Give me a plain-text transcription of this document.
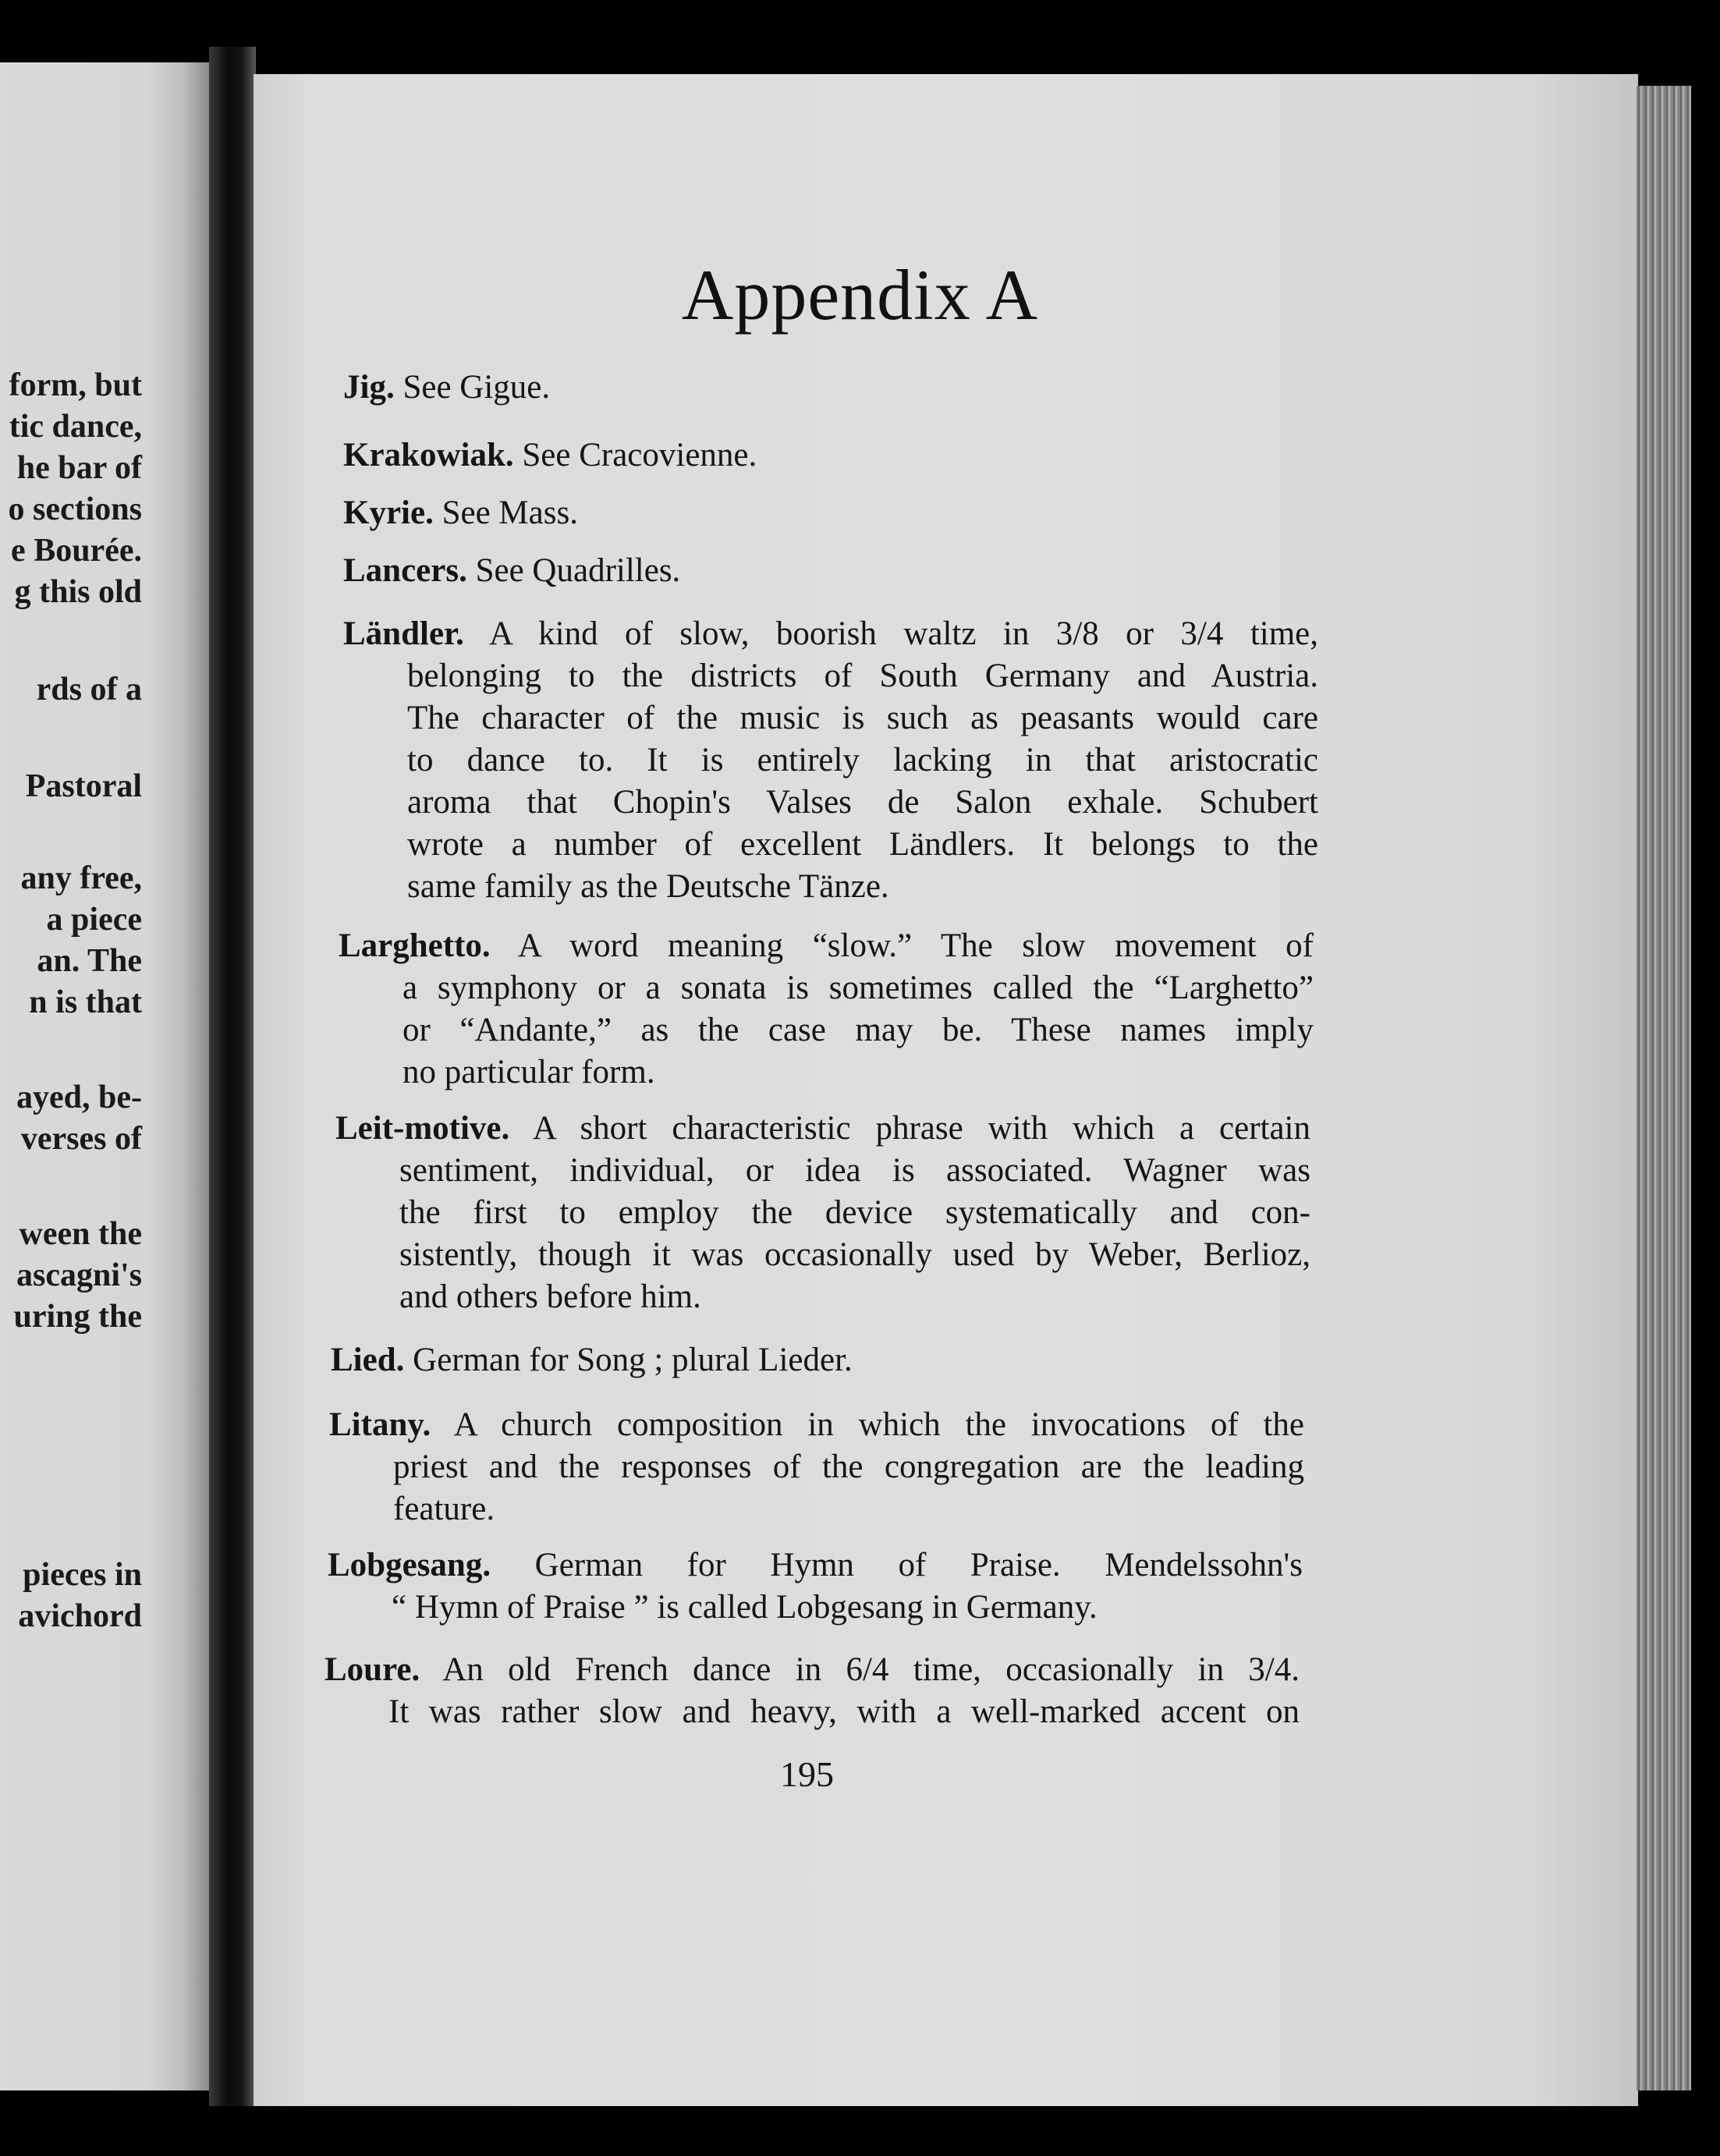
form, but
tic dance,
he bar of
o sections
e Bourée.
g this old
rds of a
Pastoral
any free,
a piece
an. The
n is that
ayed, be-
verses of
ween the
ascagni's
uring the
pieces in
avichord
Appendix A
Jig. See Gigue.
Krakowiak. See Cracovienne.
Kyrie. See Mass.
Lancers. See Quadrilles.
Ländler. A kind of slow, boorish waltz in 3/8 or 3/4 time,
belonging to the districts of South Germany and Austria.
The character of the music is such as peasants would care
to dance to. It is entirely lacking in that aristocratic
aroma that Chopin's Valses de Salon exhale. Schubert
wrote a number of excellent Ländlers. It belongs to the
same family as the Deutsche Tänze.
Larghetto. A word meaning “slow.” The slow movement of
a symphony or a sonata is sometimes called the “Larghetto”
or “Andante,” as the case may be. These names imply
no particular form.
Leit-motive. A short characteristic phrase with which a certain
sentiment, individual, or idea is associated. Wagner was
the first to employ the device systematically and con-
sistently, though it was occasionally used by Weber, Berlioz,
and others before him.
Lied. German for Song ; plural Lieder.
Litany. A church composition in which the invocations of the
priest and the responses of the congregation are the leading
feature.
Lobgesang. German for Hymn of Praise. Mendelssohn's
“ Hymn of Praise ” is called Lobgesang in Germany.
Loure. An old French dance in 6/4 time, occasionally in 3/4.
It was rather slow and heavy, with a well-marked accent on
195
